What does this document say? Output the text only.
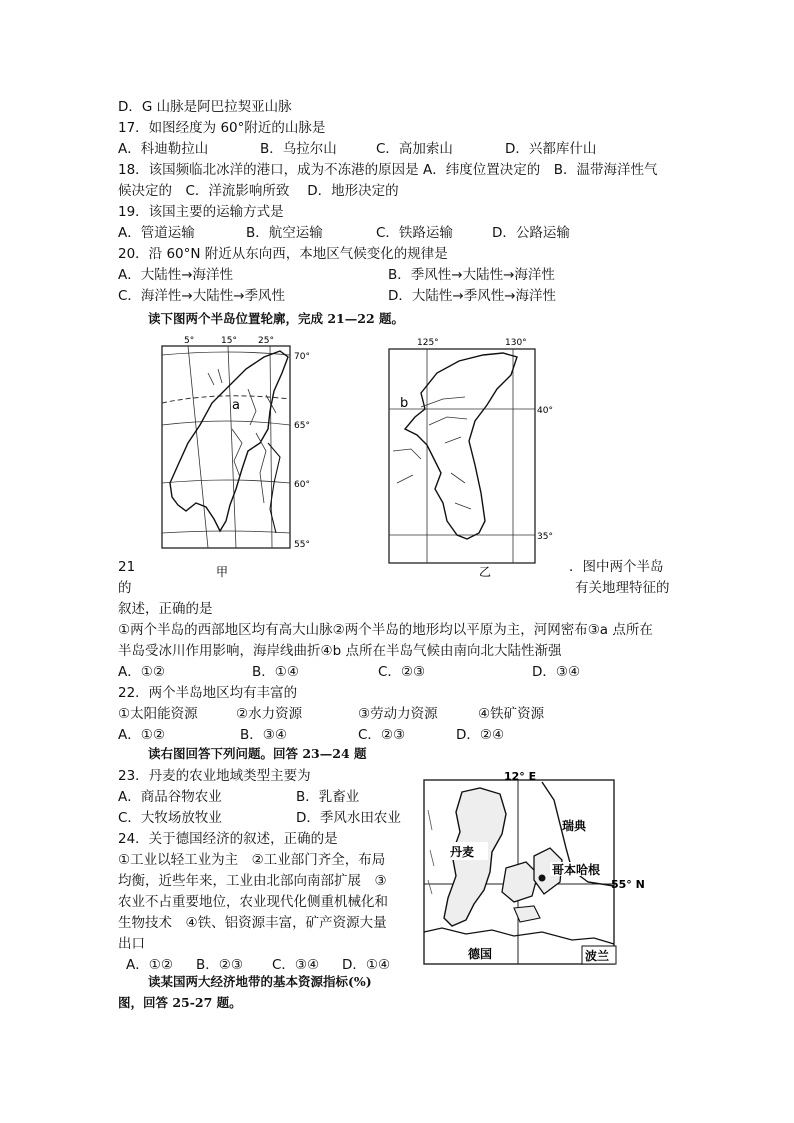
D．G 山脉是阿巴拉契亚山脉
17．如图经度为 60°附近的山脉是
A．科迪勒拉山	B．乌拉尔山	C．高加索山	D．兴都库什山
18．该国频临北冰洋的港口，成为不冻港的原因是 A．纬度位置决定的　B．温带海洋性气
候决定的　C．洋流影响所致　 D．地形决定的
19．该国主要的运输方式是
A．管道运输	B．航空运输	C．铁路运输	D．公路运输
20．沿 60°N 附近从东向西，本地区气候变化的规律是
A．大陆性→海洋性	B．季风性→大陆性→海洋性
C．海洋性→大陆性→季风性	D．大陆性→季风性→海洋性
读下图两个半岛位置轮廓，完成 21—22 题。
5°	15° 25°
a
70°
65°
60°
55°
甲
125°	130°
b	40°
35°
乙
21	．图中两个半岛
的	有关地理特征的
叙述，正确的是
①两个半岛的西部地区均有高大山脉②两个半岛的地形均以平原为主，河网密布③a 点所在
半岛受冰川作用影响，海岸线曲折④b 点所在半岛气候由南向北大陆性渐强
A．①②	B．①④	C．②③	D．③④
22．两个半岛地区均有丰富的
①太阳能资源	②水力资源	③劳动力资源	④铁矿资源
A．①②	B．③④	C．②③	D．②④
读右图回答下列问题。回答 23—24 题
23．丹麦的农业地域类型主要为
A．商品谷物农业	B．乳畜业
C．大牧场放牧业	D．季风水田农业
24．关于德国经济的叙述，正确的是
①工业以轻工业为主　②工业部门齐全，布局
均衡，近些年来，工业由北部向南部扩展　③
农业不占重要地位，农业现代化侧重机械化和
生物技术　④铁、铝资源丰富，矿产资源大量
出口
A．①② B．②③ C．③④ D．①④
12° E
55° N
瑞典
丹麦
哥本哈根
德国	波兰
读某国两大经济地带的基本资源指标(%)
图，回答 25-27 题。
